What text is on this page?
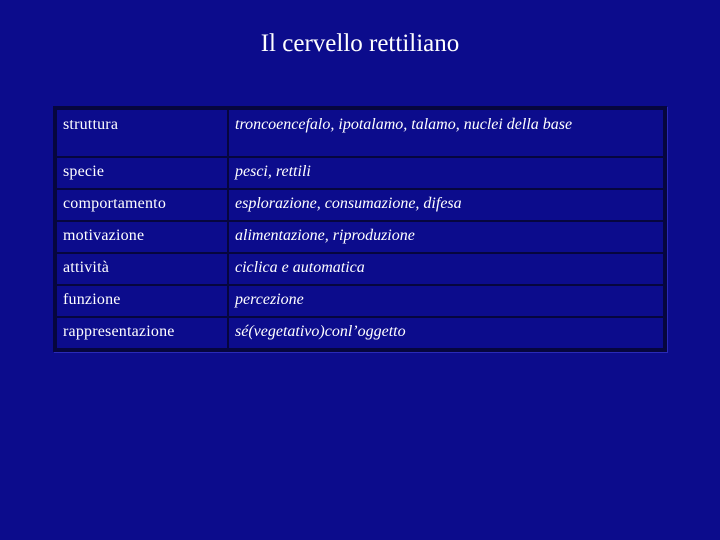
Il cervello rettiliano
struttura	troncoencefalo, ipotalamo, talamo, nuclei della base
specie	pesci, rettili
comportamento	esplorazione, consumazione, difesa
motivazione	alimentazione, riproduzione
attività	ciclica e automatica
funzione	percezione
rappresentazione	sé(vegetativo)conl’oggetto
